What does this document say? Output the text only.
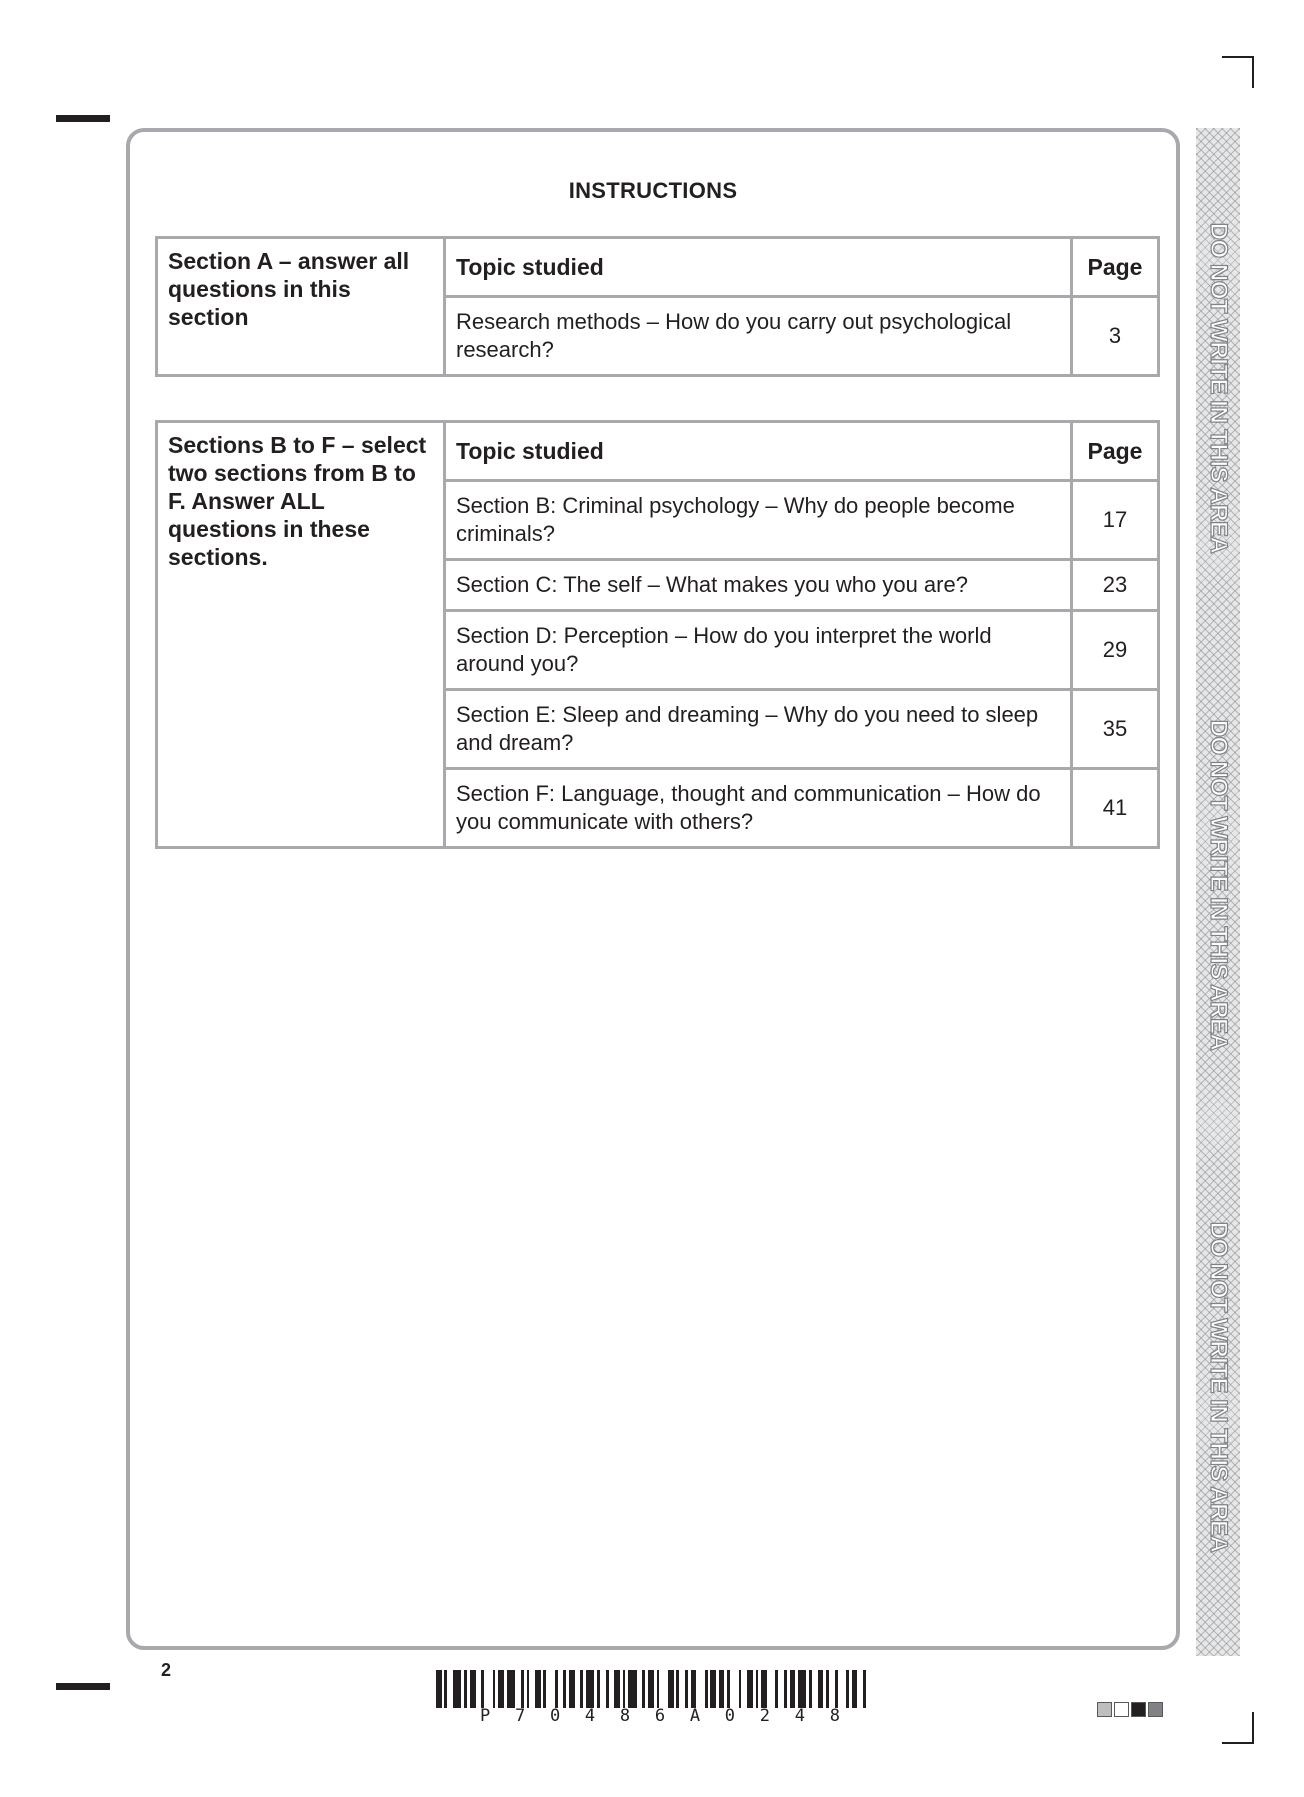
INSTRUCTIONS
Section A – answer all questions in this section	Topic studied	Page
	Research methods – How do you carry out psychological research?	3
Sections B to F – select two sections from B to F. Answer ALL questions in these sections.	Topic studied	Page
	Section B: Criminal psychology – Why do people become criminals?	17
	Section C: The self – What makes you who you are?	23
	Section D: Perception – How do you interpret the world around you?	29
	Section E: Sleep and dreaming – Why do you need to sleep and dream?	35
	Section F: Language, thought and communication – How do you communicate with others?	41
DO NOT WRITE IN THIS AREA
DO NOT WRITE IN THIS AREA
DO NOT WRITE IN THIS AREA
2
P 7 0 4 8 6 A 0 2 4 8
